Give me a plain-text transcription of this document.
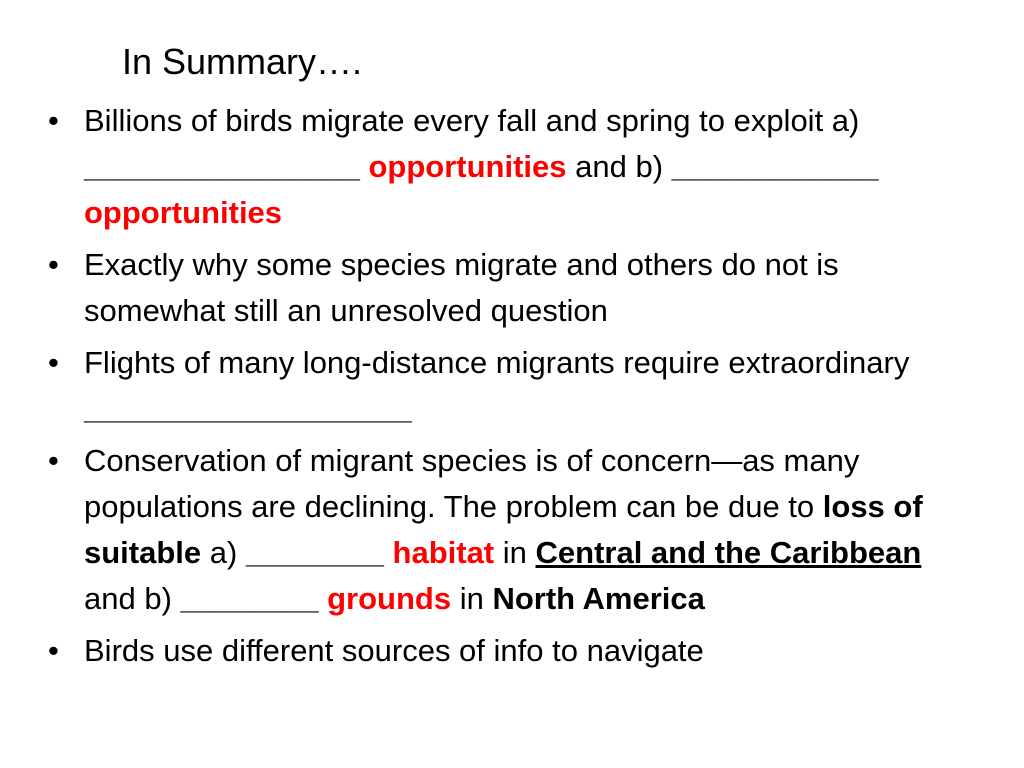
In Summary….
• Billions of birds migrate every fall and spring to exploit a) ________________ opportunities and b) ____________ opportunities
• Exactly why some species migrate and others do not is somewhat still an unresolved question
• Flights of many long-distance migrants require extraordinary ___________________
• Conservation of migrant species is of concern—as many populations are declining. The problem can be due to loss of suitable a) ________ habitat in Central and the Caribbean and b) ________ grounds in North America
• Birds use different sources of info to navigate
